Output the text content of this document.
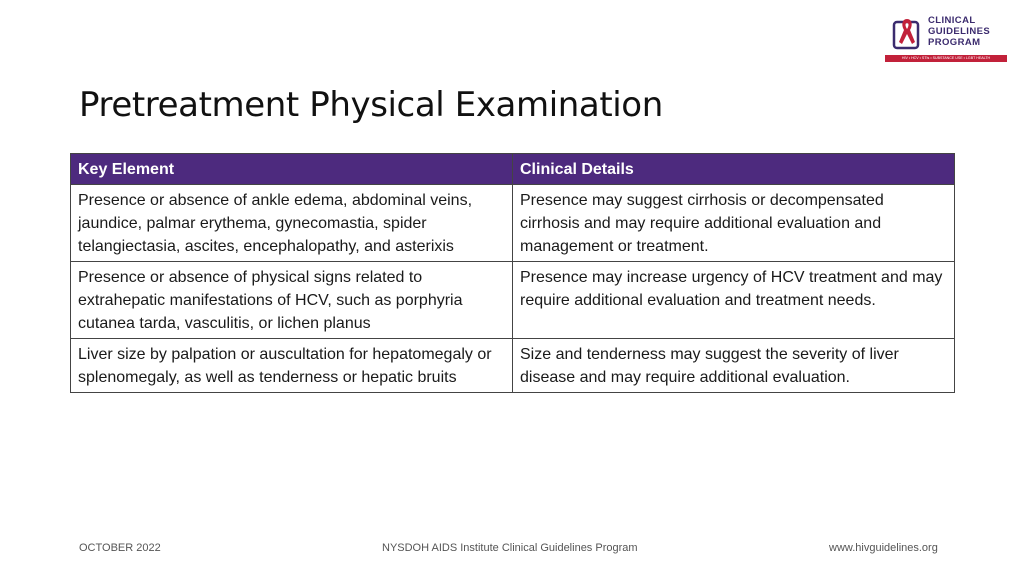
CLINICAL
GUIDELINES
PROGRAM
HIV • HCV • STIs • SUBSTANCE USE • LGBT HEALTH
Pretreatment Physical Examination
Key Element	Clinical Details
Presence or absence of ankle edema, abdominal veins, jaundice, palmar erythema, gynecomastia, spider telangiectasia, ascites, encephalopathy, and asterixis	Presence may suggest cirrhosis or decompensated cirrhosis and may require additional evaluation and management or treatment.
Presence or absence of physical signs related to extrahepatic manifestations of HCV, such as porphyria cutanea tarda, vasculitis, or lichen planus	Presence may increase urgency of HCV treatment and may require additional evaluation and treatment needs.
Liver size by palpation or auscultation for hepatomegaly or splenomegaly, as well as tenderness or hepatic bruits	Size and tenderness may suggest the severity of liver disease and may require additional evaluation.
OCTOBER 2022	NYSDOH AIDS Institute Clinical Guidelines Program	www.hivguidelines.org
